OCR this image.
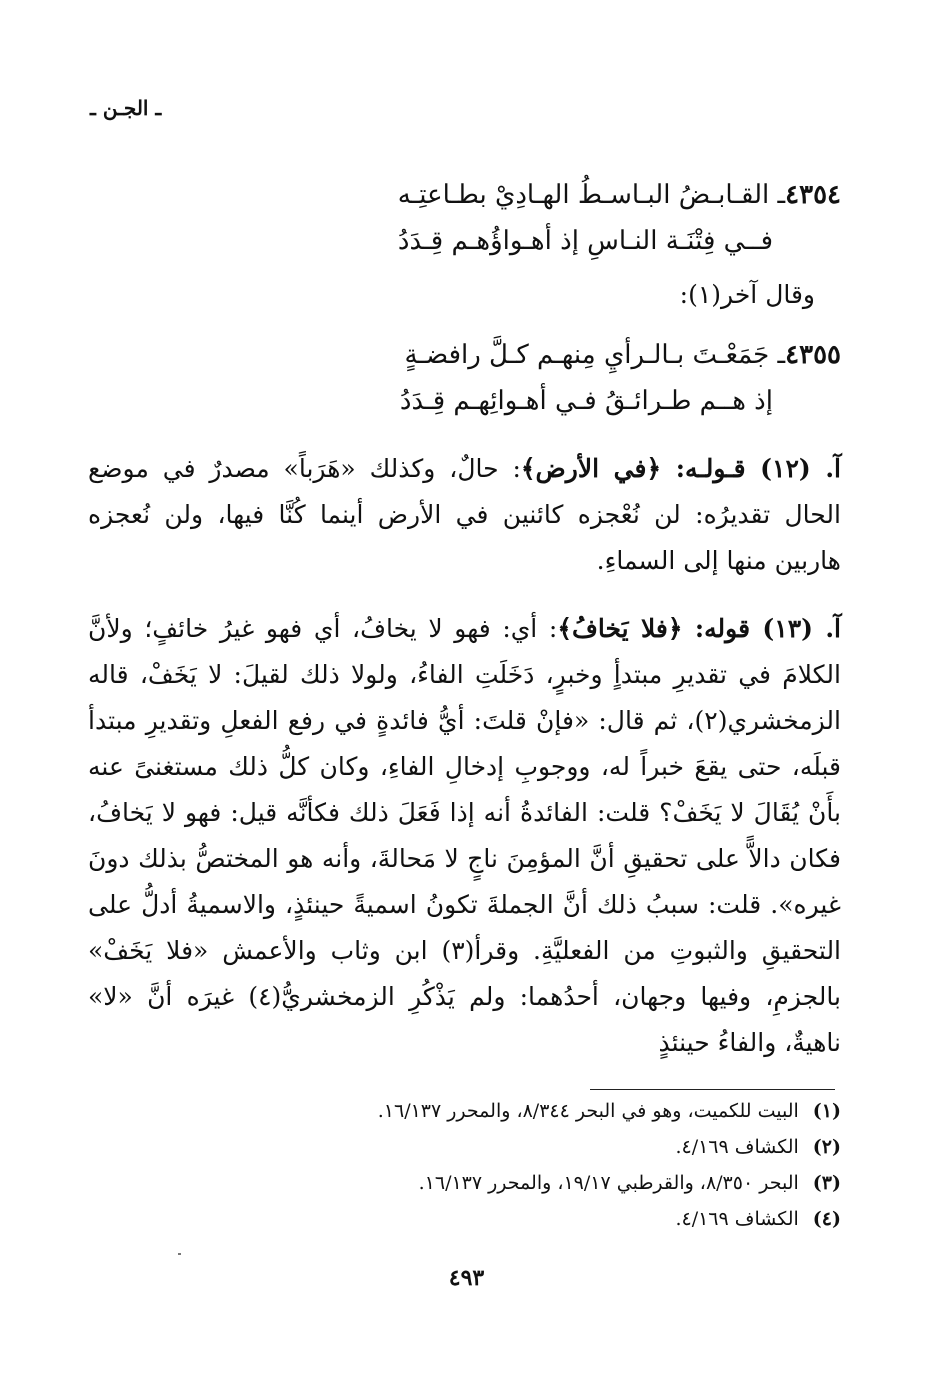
ـ الجـن ـ
٤٣٥٤ـ القـابـضُ البـاسـطُ الهـادِيْ بطـاعتِـه
فــي فِتْنَـة النـاسِ إذ أهـواؤُهـم قِـدَدُ
وقال آخر(١):
٤٣٥٥ـ جَمَعْـتَ بـالـرأيِ مِنهـم كـلَّ رافضـةٍ
إذ هــم طـرائـقُ فـي أهـوائِهـم قِـدَدُ
آ. (١٢) قـولـه: ﴿في الأرض﴾: حالٌ، وكذلك «هَرَباً» مصدرٌ في موضع الحال تقديرُه: لن نُعْجزه كائنين في الأرض أينما كُنَّا فيها، ولن نُعجزه هاربين منها إلى السماءِ.
آ. (١٣) قوله: ﴿فلا يَخافُ﴾: أي: فهو لا يخافُ، أي فهو غيرُ خائفٍ؛ ولأنَّ الكلامَ في تقديرِ مبتدأٍ وخبرٍ، دَخَلَتِ الفاءُ، ولولا ذلك لقيلَ: لا يَخَفْ، قاله الزمخشري(٢)، ثم قال: «فإنْ قلتَ: أيُّ فائدةٍ في رفع الفعلِ وتقديرِ مبتدأ قبلَه، حتى يقعَ خبراً له، ووجوبِ إدخالِ الفاءِ، وكان كلُّ ذلك مستغنىً عنه بأَنْ يُقَالَ لا يَخَفْ؟ قلت: الفائدةُ أنه إذا فَعَلَ ذلك فكأنَّه قيل: فهو لا يَخافُ، فكان دالاًّ على تحقيقِ أنَّ المؤمِنَ ناجٍ لا مَحالةَ، وأنه هو المختصُّ بذلك دونَ غيره». قلت: سببُ ذلك أنَّ الجملةَ تكونُ اسميةً حينئذٍ، والاسميةُ أدلُّ على التحقيقِ والثبوتِ من الفعليَّةِ. وقرأ(٣) ابن وثاب والأعمش «فلا يَخَفْ» بالجزمِ، وفيها وجهان، أحدُهما: ولم يَذْكُرِ الزمخشريُّ(٤) غيرَه أنَّ «لا» ناهيةٌ، والفاءُ حينئذٍ
(١)البيت للكميت، وهو في البحر ٨/٣٤٤، والمحرر ١٦/١٣٧.
(٢)الكشاف ٤/١٦٩.
(٣)البحر ٨/٣٥٠، والقرطبي ١٩/١٧، والمحرر ١٦/١٣٧.
(٤)الكشاف ٤/١٦٩.
٤٩٣
